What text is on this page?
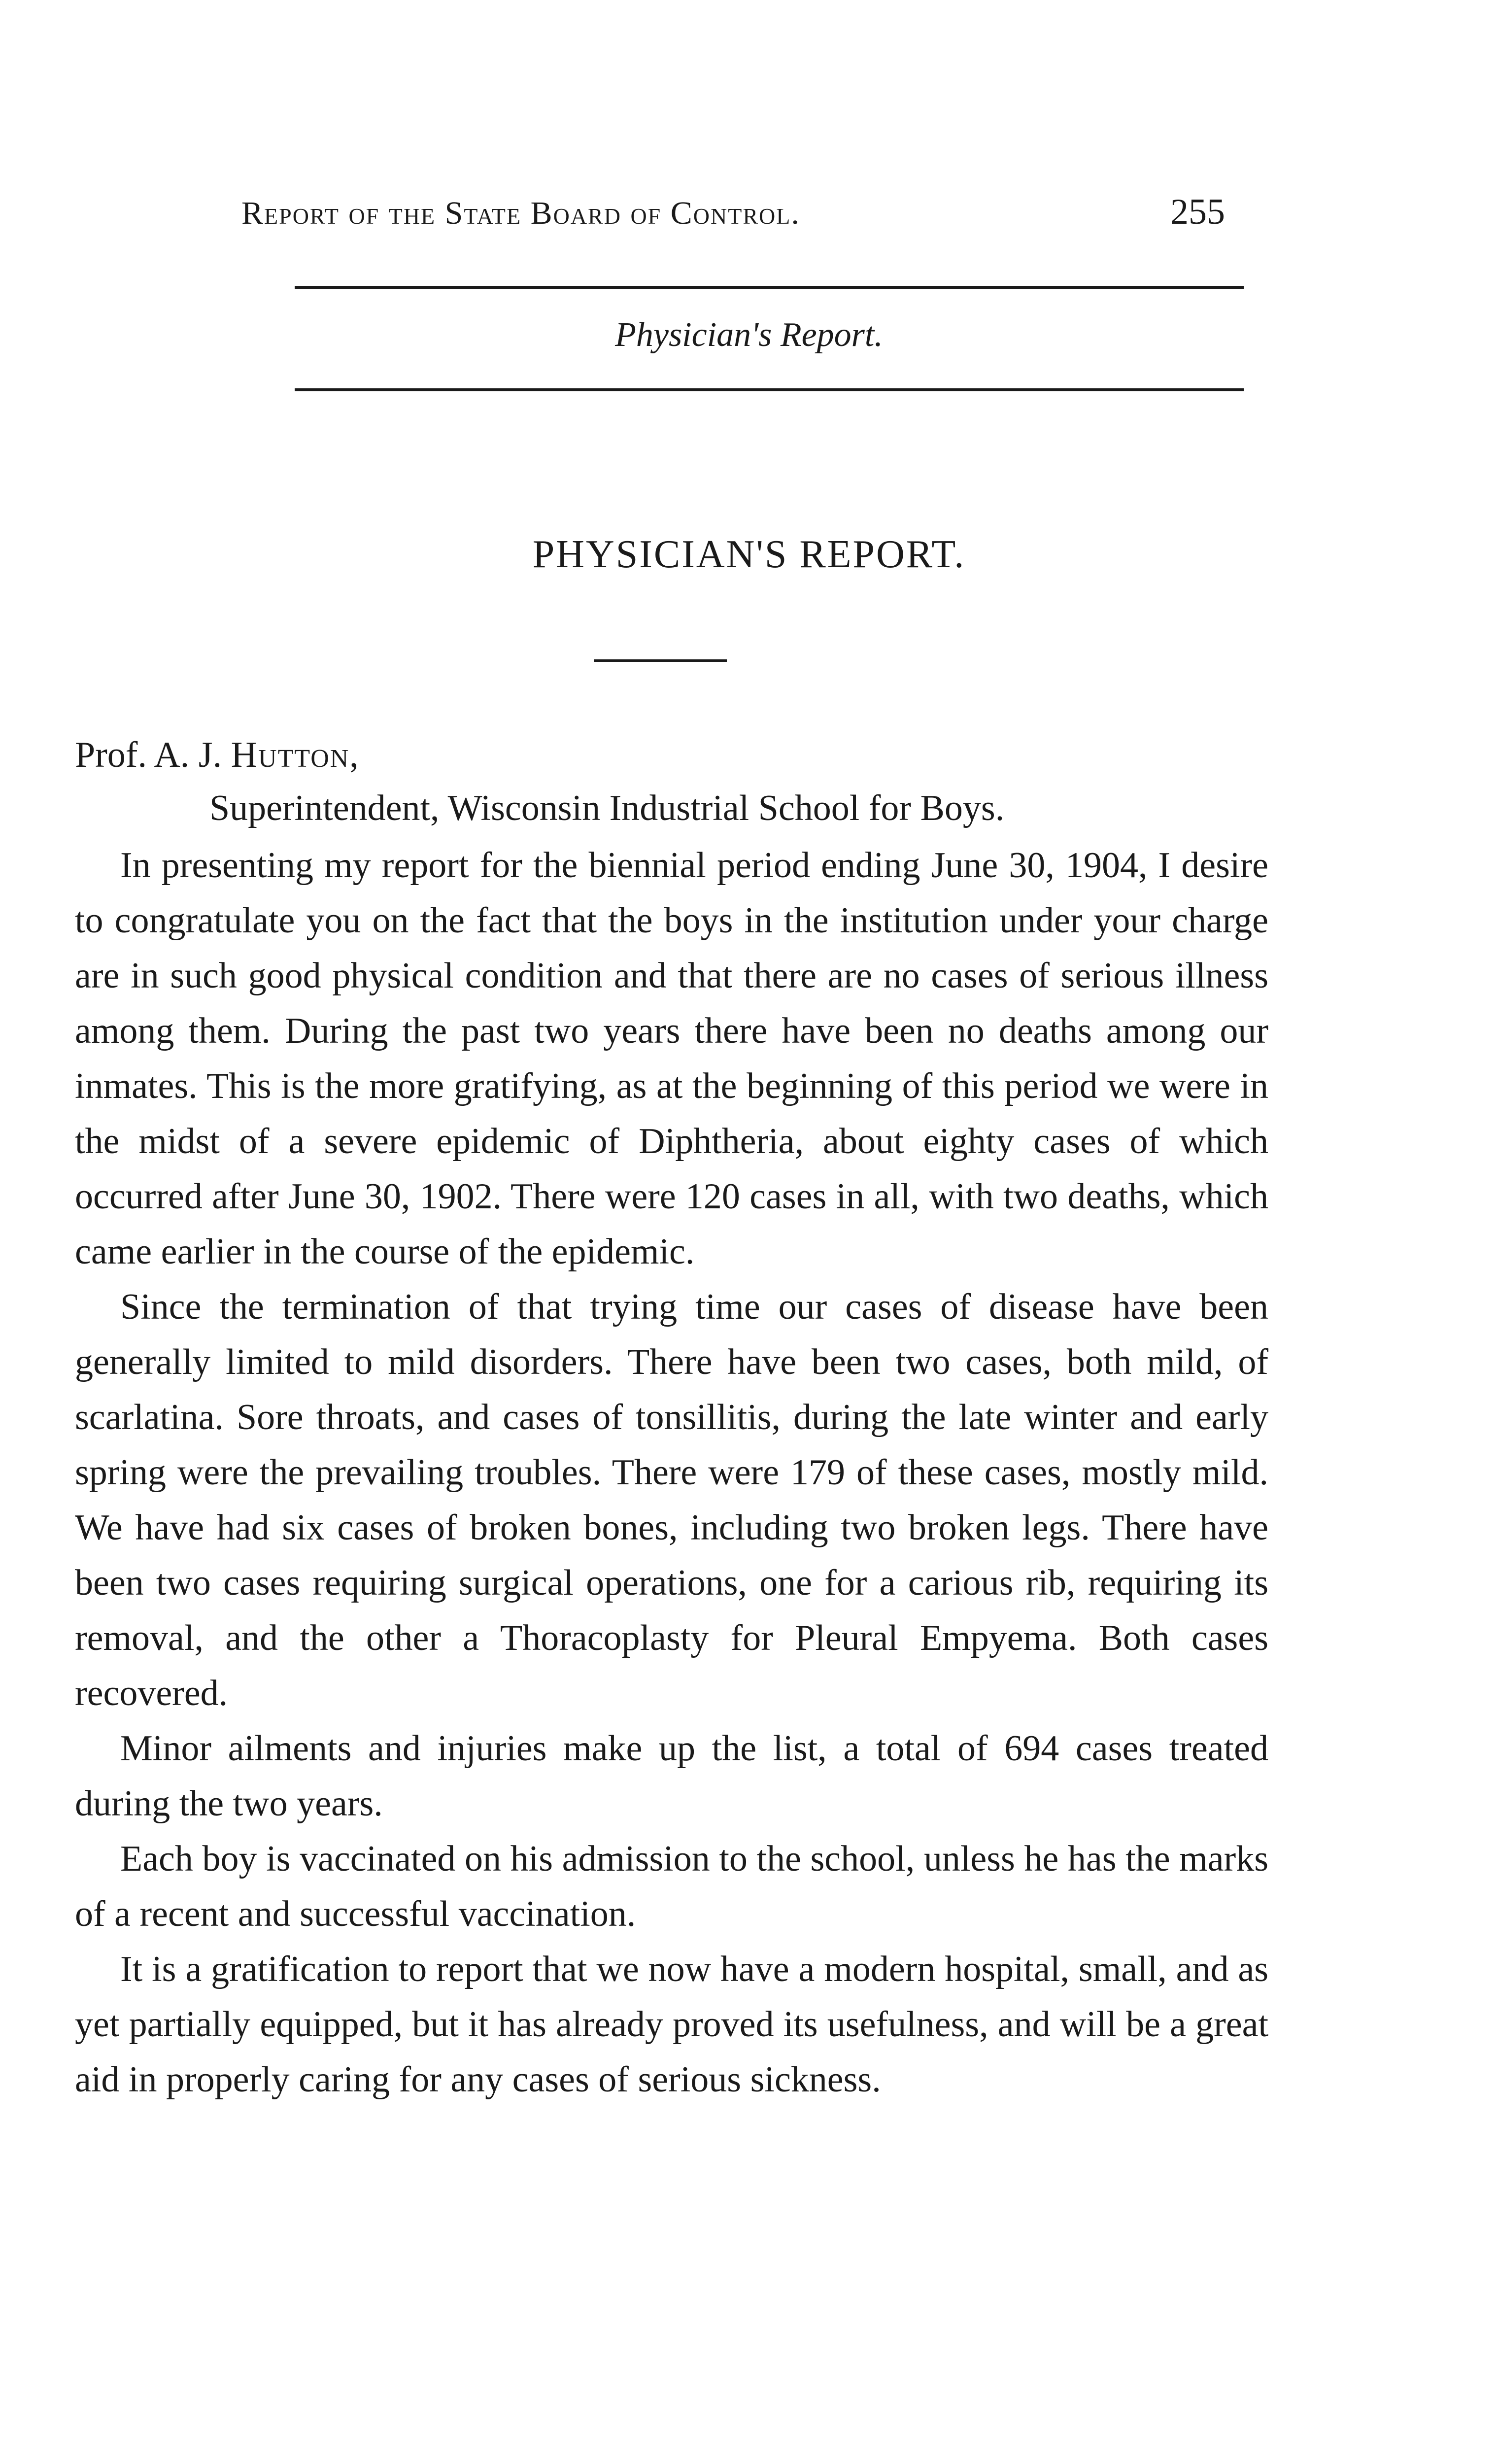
Report of the State Board of Control.	255
Physician's Report.
PHYSICIAN'S REPORT.
Prof. A. J. Hutton,
Superintendent, Wisconsin Industrial School for Boys.

In presenting my report for the biennial period ending June 30, 1904, I desire to congratulate you on the fact that the boys in the institution under your charge are in such good physical condition and that there are no cases of serious illness among them. During the past two years there have been no deaths among our inmates. This is the more gratifying, as at the beginning of this period we were in the midst of a severe epidemic of Diphtheria, about eighty cases of which occurred after June 30, 1902. There were 120 cases in all, with two deaths, which came earlier in the course of the epidemic.

Since the termination of that trying time our cases of disease have been generally limited to mild disorders. There have been two cases, both mild, of scarlatina. Sore throats, and cases of tonsillitis, during the late winter and early spring were the prevailing troubles. There were 179 of these cases, mostly mild. We have had six cases of broken bones, including two broken legs. There have been two cases requiring surgical operations, one for a carious rib, requiring its removal, and the other a Thoracoplasty for Pleural Empyema. Both cases recovered.

Minor ailments and injuries make up the list, a total of 694 cases treated during the two years.

Each boy is vaccinated on his admission to the school, unless he has the marks of a recent and successful vaccination.

It is a gratification to report that we now have a modern hospital, small, and as yet partially equipped, but it has already proved its usefulness, and will be a great aid in properly caring for any cases of serious sickness.
